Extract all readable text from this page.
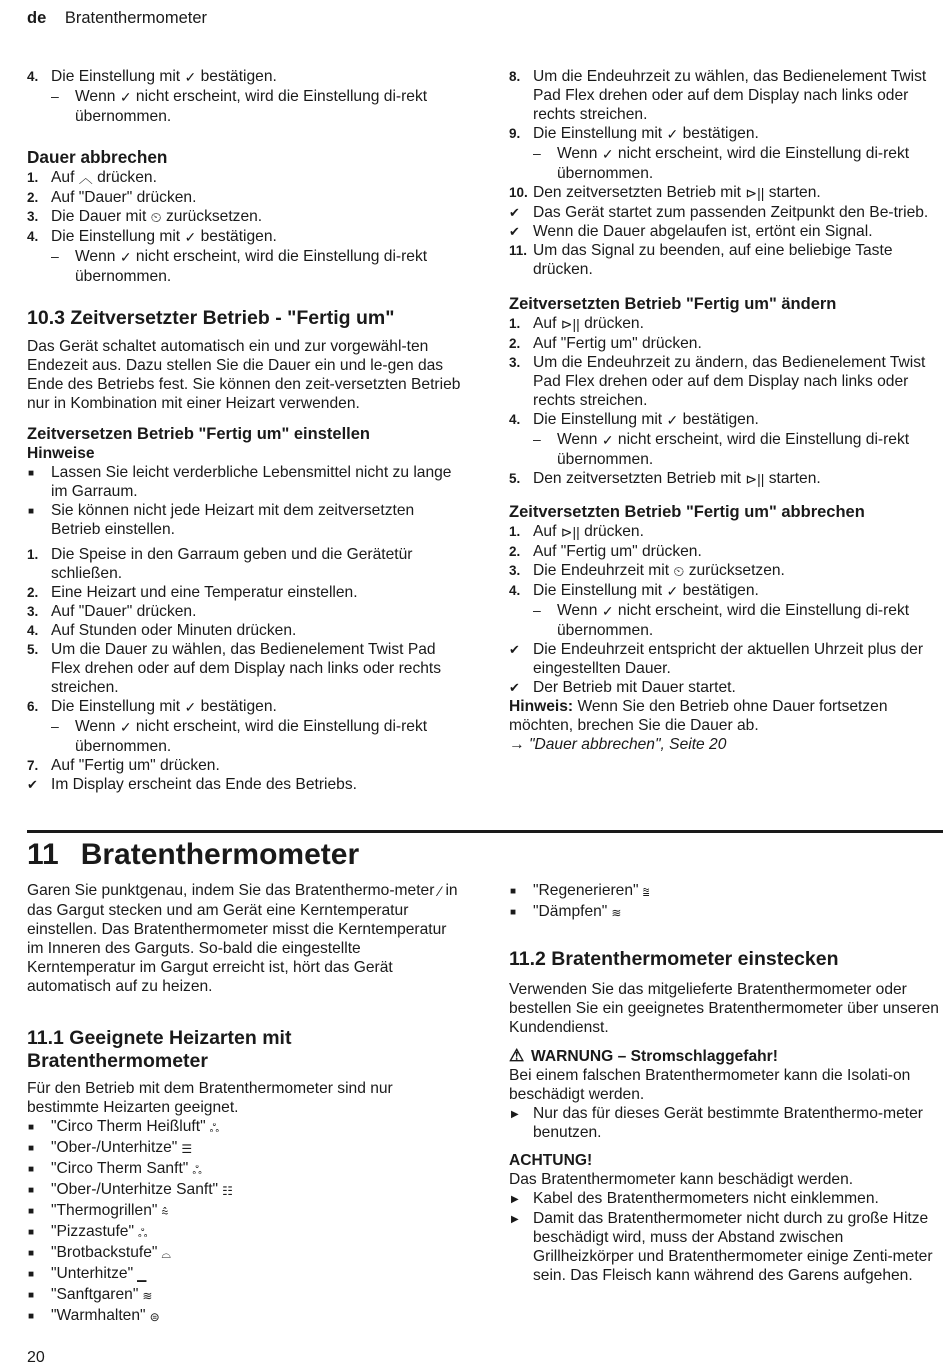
de Bratenthermometer
4. Die Einstellung mit ✓ bestätigen.
–	Wenn ✓ nicht erscheint, wird die Einstellung di-rekt übernommen.
Dauer abbrechen
1. Auf ︿ drücken.
2. Auf "Dauer" drücken.
3. Die Dauer mit ⏲ zurücksetzen.
4. Die Einstellung mit ✓ bestätigen.
–	Wenn ✓ nicht erscheint, wird die Einstellung di-rekt übernommen.
10.3 Zeitversetzter Betrieb - "Fertig um"

Das Gerät schaltet automatisch ein und zur vorgewähl-ten Endezeit aus. Dazu stellen Sie die Dauer ein und le-gen das Ende des Betriebs fest. Sie können den zeit-versetzten Betrieb nur in Kombination mit einer Heizart verwenden.

Zeitversetzen Betrieb "Fertig um" einstellen
Hinweise
■	Lassen Sie leicht verderbliche Lebensmittel nicht zu lange im Garraum.
■	Sie können nicht jede Heizart mit dem zeitversetzten Betrieb einstellen.
1. Die Speise in den Garraum geben und die Gerätetür schließen.
2. Eine Heizart und eine Temperatur einstellen.
3. Auf "Dauer" drücken.
4. Auf Stunden oder Minuten drücken.
5. Um die Dauer zu wählen, das Bedienelement Twist Pad Flex drehen oder auf dem Display nach links oder rechts streichen.
6. Die Einstellung mit ✓ bestätigen.
–	Wenn ✓ nicht erscheint, wird die Einstellung di-rekt übernommen.
7. Auf "Fertig um" drücken.
✔ Im Display erscheint das Ende des Betriebs.
8. Um die Endeuhrzeit zu wählen, das Bedienelement Twist Pad Flex drehen oder auf dem Display nach links oder rechts streichen.
9. Die Einstellung mit ✓ bestätigen.
–	Wenn ✓ nicht erscheint, wird die Einstellung di-rekt übernommen.
10. Den zeitversetzten Betrieb mit ⊳|| starten.
✔ Das Gerät startet zum passenden Zeitpunkt den Be-trieb.
✔ Wenn die Dauer abgelaufen ist, ertönt ein Signal.
11. Um das Signal zu beenden, auf eine beliebige Taste drücken.
Zeitversetzten Betrieb "Fertig um" ändern
1. Auf ⊳|| drücken.
2. Auf "Fertig um" drücken.
3. Um die Endeuhrzeit zu ändern, das Bedienelement Twist Pad Flex drehen oder auf dem Display nach links oder rechts streichen.
4. Die Einstellung mit ✓ bestätigen.
–	Wenn ✓ nicht erscheint, wird die Einstellung di-rekt übernommen.
5. Den zeitversetzten Betrieb mit ⊳|| starten.
Zeitversetzten Betrieb "Fertig um" abbrechen
1. Auf ⊳|| drücken.
2. Auf "Fertig um" drücken.
3. Die Endeuhrzeit mit ⏲ zurücksetzen.
4. Die Einstellung mit ✓ bestätigen.
–	Wenn ✓ nicht erscheint, wird die Einstellung di-rekt übernommen.
✔ Die Endeuhrzeit entspricht der aktuellen Uhrzeit plus der eingestellten Dauer.
✔ Der Betrieb mit Dauer startet.

Hinweis: Wenn Sie den Betrieb ohne Dauer fortsetzen möchten, brechen Sie die Dauer ab.

→ "Dauer abbrechen", Seite 20

11 Bratenthermometer

Garen Sie punktgenau, indem Sie das Bratenthermo-meter ⁄ in das Gargut stecken und am Gerät eine Kerntemperatur einstellen. Das Bratenthermometer misst die Kerntemperatur im Inneren des Garguts. So-bald die eingestellte Kerntemperatur im Gargut erreicht ist, hört das Gerät automatisch auf zu heizen.

11.1 Geeignete Heizarten mit Bratenthermometer

Für den Betrieb mit dem Bratenthermometer sind nur bestimmte Heizarten geeignet.

■	"Circo Therm Heißluft" ஃ
■	"Ober-/Unterhitze" ☰
■	"Circo Therm Sanft" ஃ
■	"Ober-/Unterhitze Sanft" ☷
■	"Thermogrillen" ⩯
■	"Pizzastufe" ஃ
■	"Brotbackstufe" ⌓
■	"Unterhitze" ▁
■	"Sanftgaren" ≋
■	"Warmhalten" ⊜
■	"Regenerieren" ⩰
■	"Dämpfen" ≋
11.2 Bratenthermometer einstecken

Verwenden Sie das mitgelieferte Bratenthermometer oder bestellen Sie ein geeignetes Bratenthermometer über unseren Kundendienst.

⚠ WARNUNG – Stromschlaggefahr!

Bei einem falschen Bratenthermometer kann die Isolati-on beschädigt werden.

▶ Nur das für dieses Gerät bestimmte Bratenthermo-meter benutzen.
ACHTUNG!

Das Bratenthermometer kann beschädigt werden.

▶ Kabel des Bratenthermometers nicht einklemmen.
▶ Damit das Bratenthermometer nicht durch zu große Hitze beschädigt wird, muss der Abstand zwischen Grillheizkörper und Bratenthermometer einige Zenti-meter sein. Das Fleisch kann während des Garens aufgehen.
20
